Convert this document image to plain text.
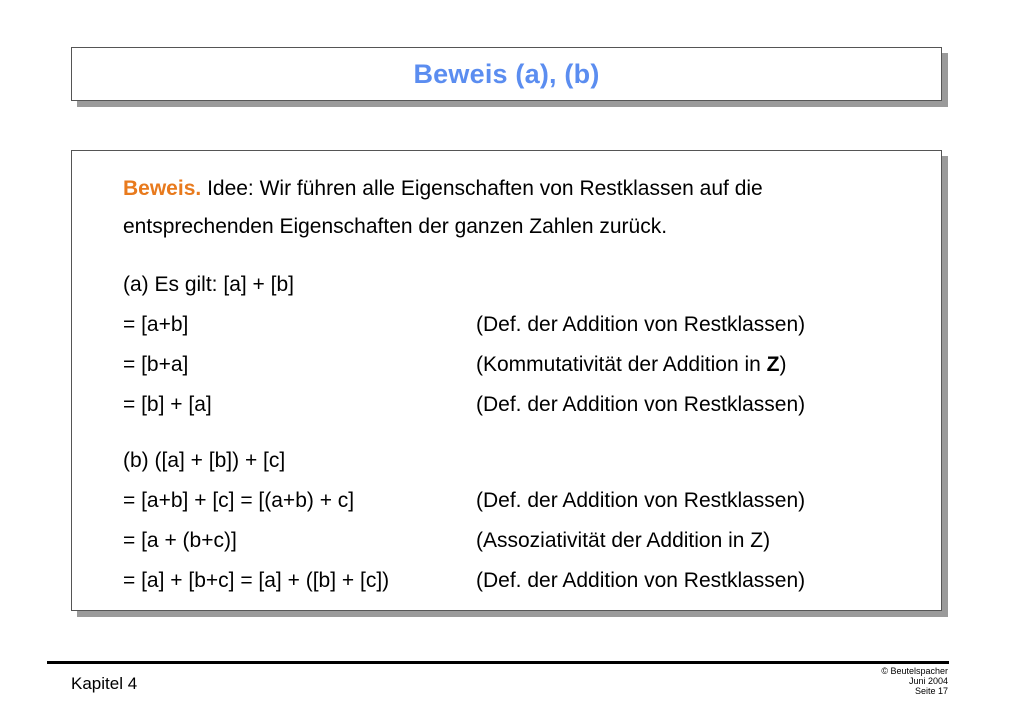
Beweis (a), (b)
Beweis. Idee: Wir führen alle Eigenschaften von Restklassen auf die
entsprechenden Eigenschaften der ganzen Zahlen zurück.
(a) Es gilt: [a] + [b]
= [a+b]	(Def. der Addition von Restklassen)
= [b+a]	(Kommutativität der Addition in Z)
= [b] + [a]	(Def. der Addition von Restklassen)
(b) ([a] + [b]) + [c]
= [a+b] + [c] = [(a+b) + c]	(Def. der Addition von Restklassen)
= [a + (b+c)]	(Assoziativität der Addition in Z)
= [a] + [b+c] = [a] + ([b] + [c])	(Def. der Addition von Restklassen)
Kapitel 4
© Beutelspacher
Juni 2004
Seite 17
